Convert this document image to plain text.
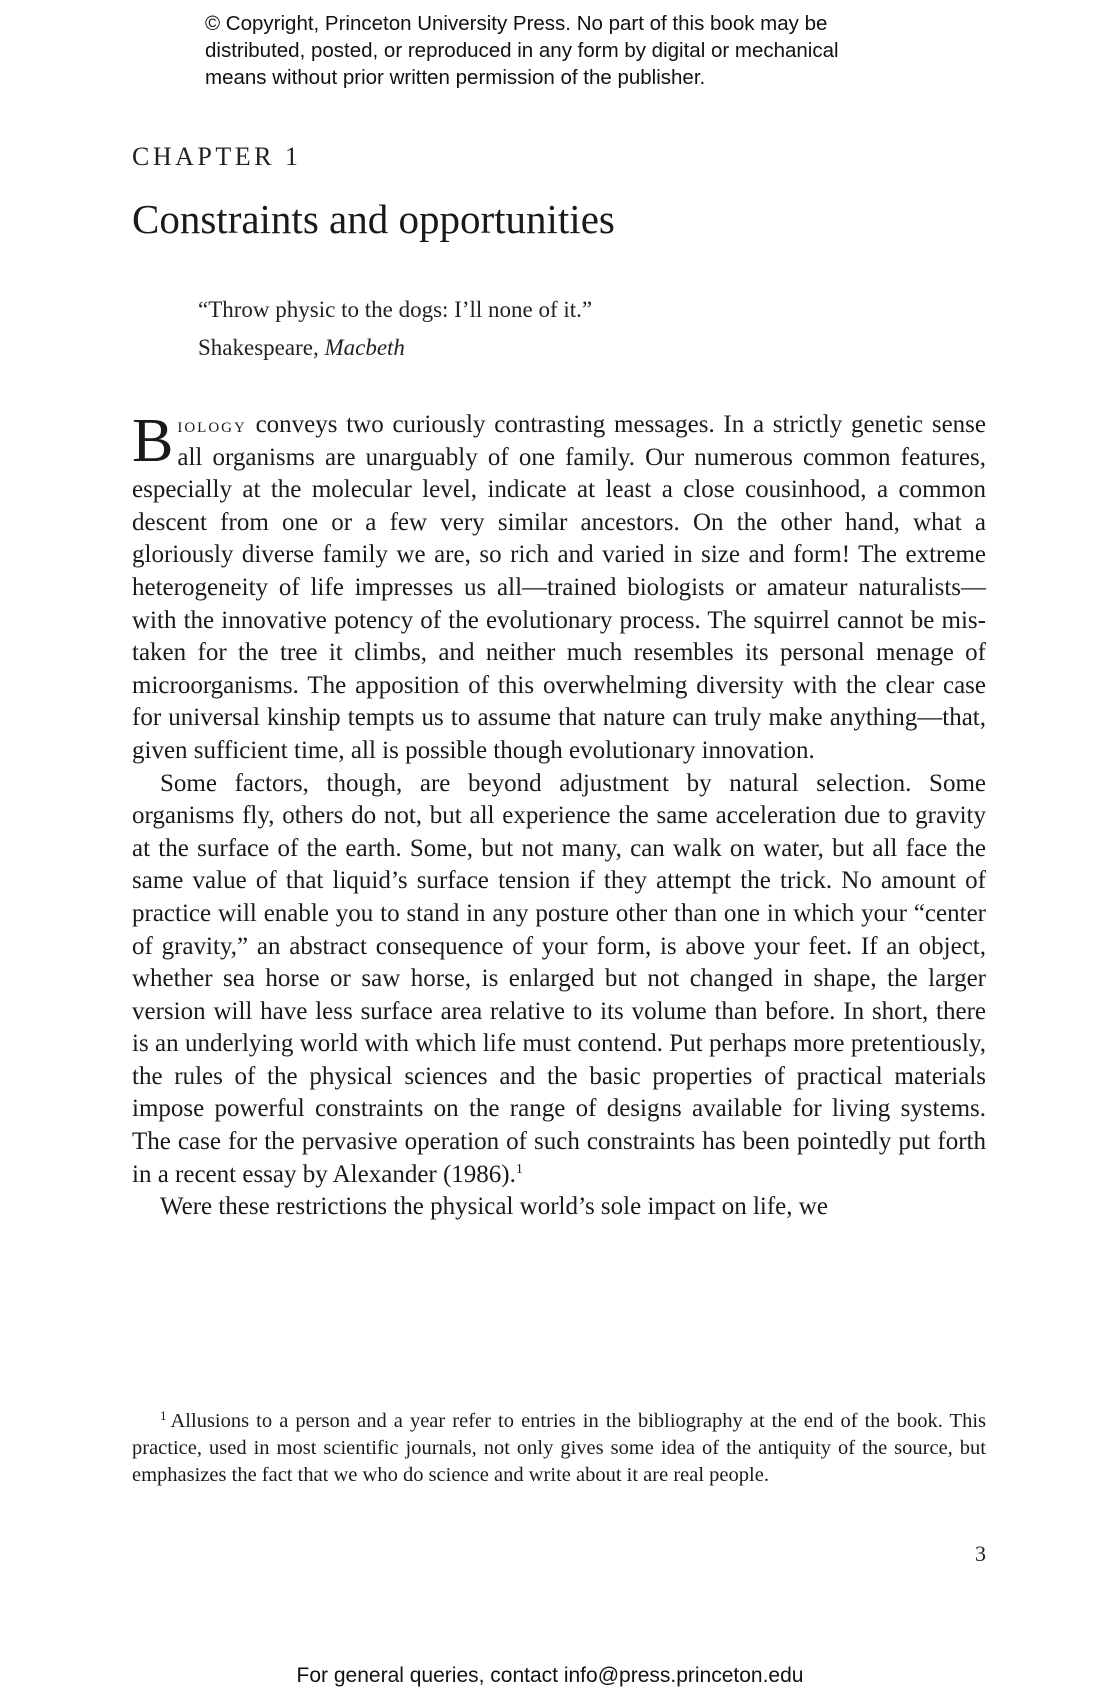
© Copyright, Princeton University Press. No part of this book may be
distributed, posted, or reproduced in any form by digital or mechanical
means without prior written permission of the publisher.
CHAPTER 1
Constraints and opportunities
“Throw physic to the dogs: I’ll none of it.”
Shakespeare, Macbeth

Biology conveys two curiously contrasting messages. In a strictly genetic sense all organisms are unarguably of one family. Our numerous common features, especially at the molecular level, indicate at least a close cousinhood, a common descent from one or a few very similar ancestors. On the other hand, what a gloriously diverse family we are, so rich and varied in size and form! The extreme heterogeneity of life impresses us all—trained biologists or amateur naturalists—with the innovative potency of the evolutionary process. The squirrel cannot be mistaken for the tree it climbs, and neither much resembles its personal menage of microorganisms. The apposition of this overwhelming diversity with the clear case for universal kinship tempts us to assume that nature can truly make anything—that, given sufficient time, all is possible though evolutionary innovation.

Some factors, though, are beyond adjustment by natural selection. Some organisms fly, others do not, but all experience the same acceleration due to gravity at the surface of the earth. Some, but not many, can walk on water, but all face the same value of that liquid’s surface tension if they attempt the trick. No amount of practice will enable you to stand in any posture other than one in which your “center of gravity,” an abstract consequence of your form, is above your feet. If an object, whether sea horse or saw horse, is enlarged but not changed in shape, the larger version will have less surface area relative to its volume than before. In short, there is an underlying world with which life must contend. Put perhaps more pretentiously, the rules of the physical sciences and the basic properties of practical materials impose powerful constraints on the range of designs available for living systems. The case for the pervasive operation of such constraints has been pointedly put forth in a recent essay by Alexander (1986).$^1$

Were these restrictions the physical world’s sole impact on life, we

$^1$ Allusions to a person and a year refer to entries in the bibliography at the end of the book. This practice, used in most scientific journals, not only gives some idea of the antiquity of the source, but emphasizes the fact that we who do science and write about it are real people.
3
For general queries, contact info@press.princeton.edu
